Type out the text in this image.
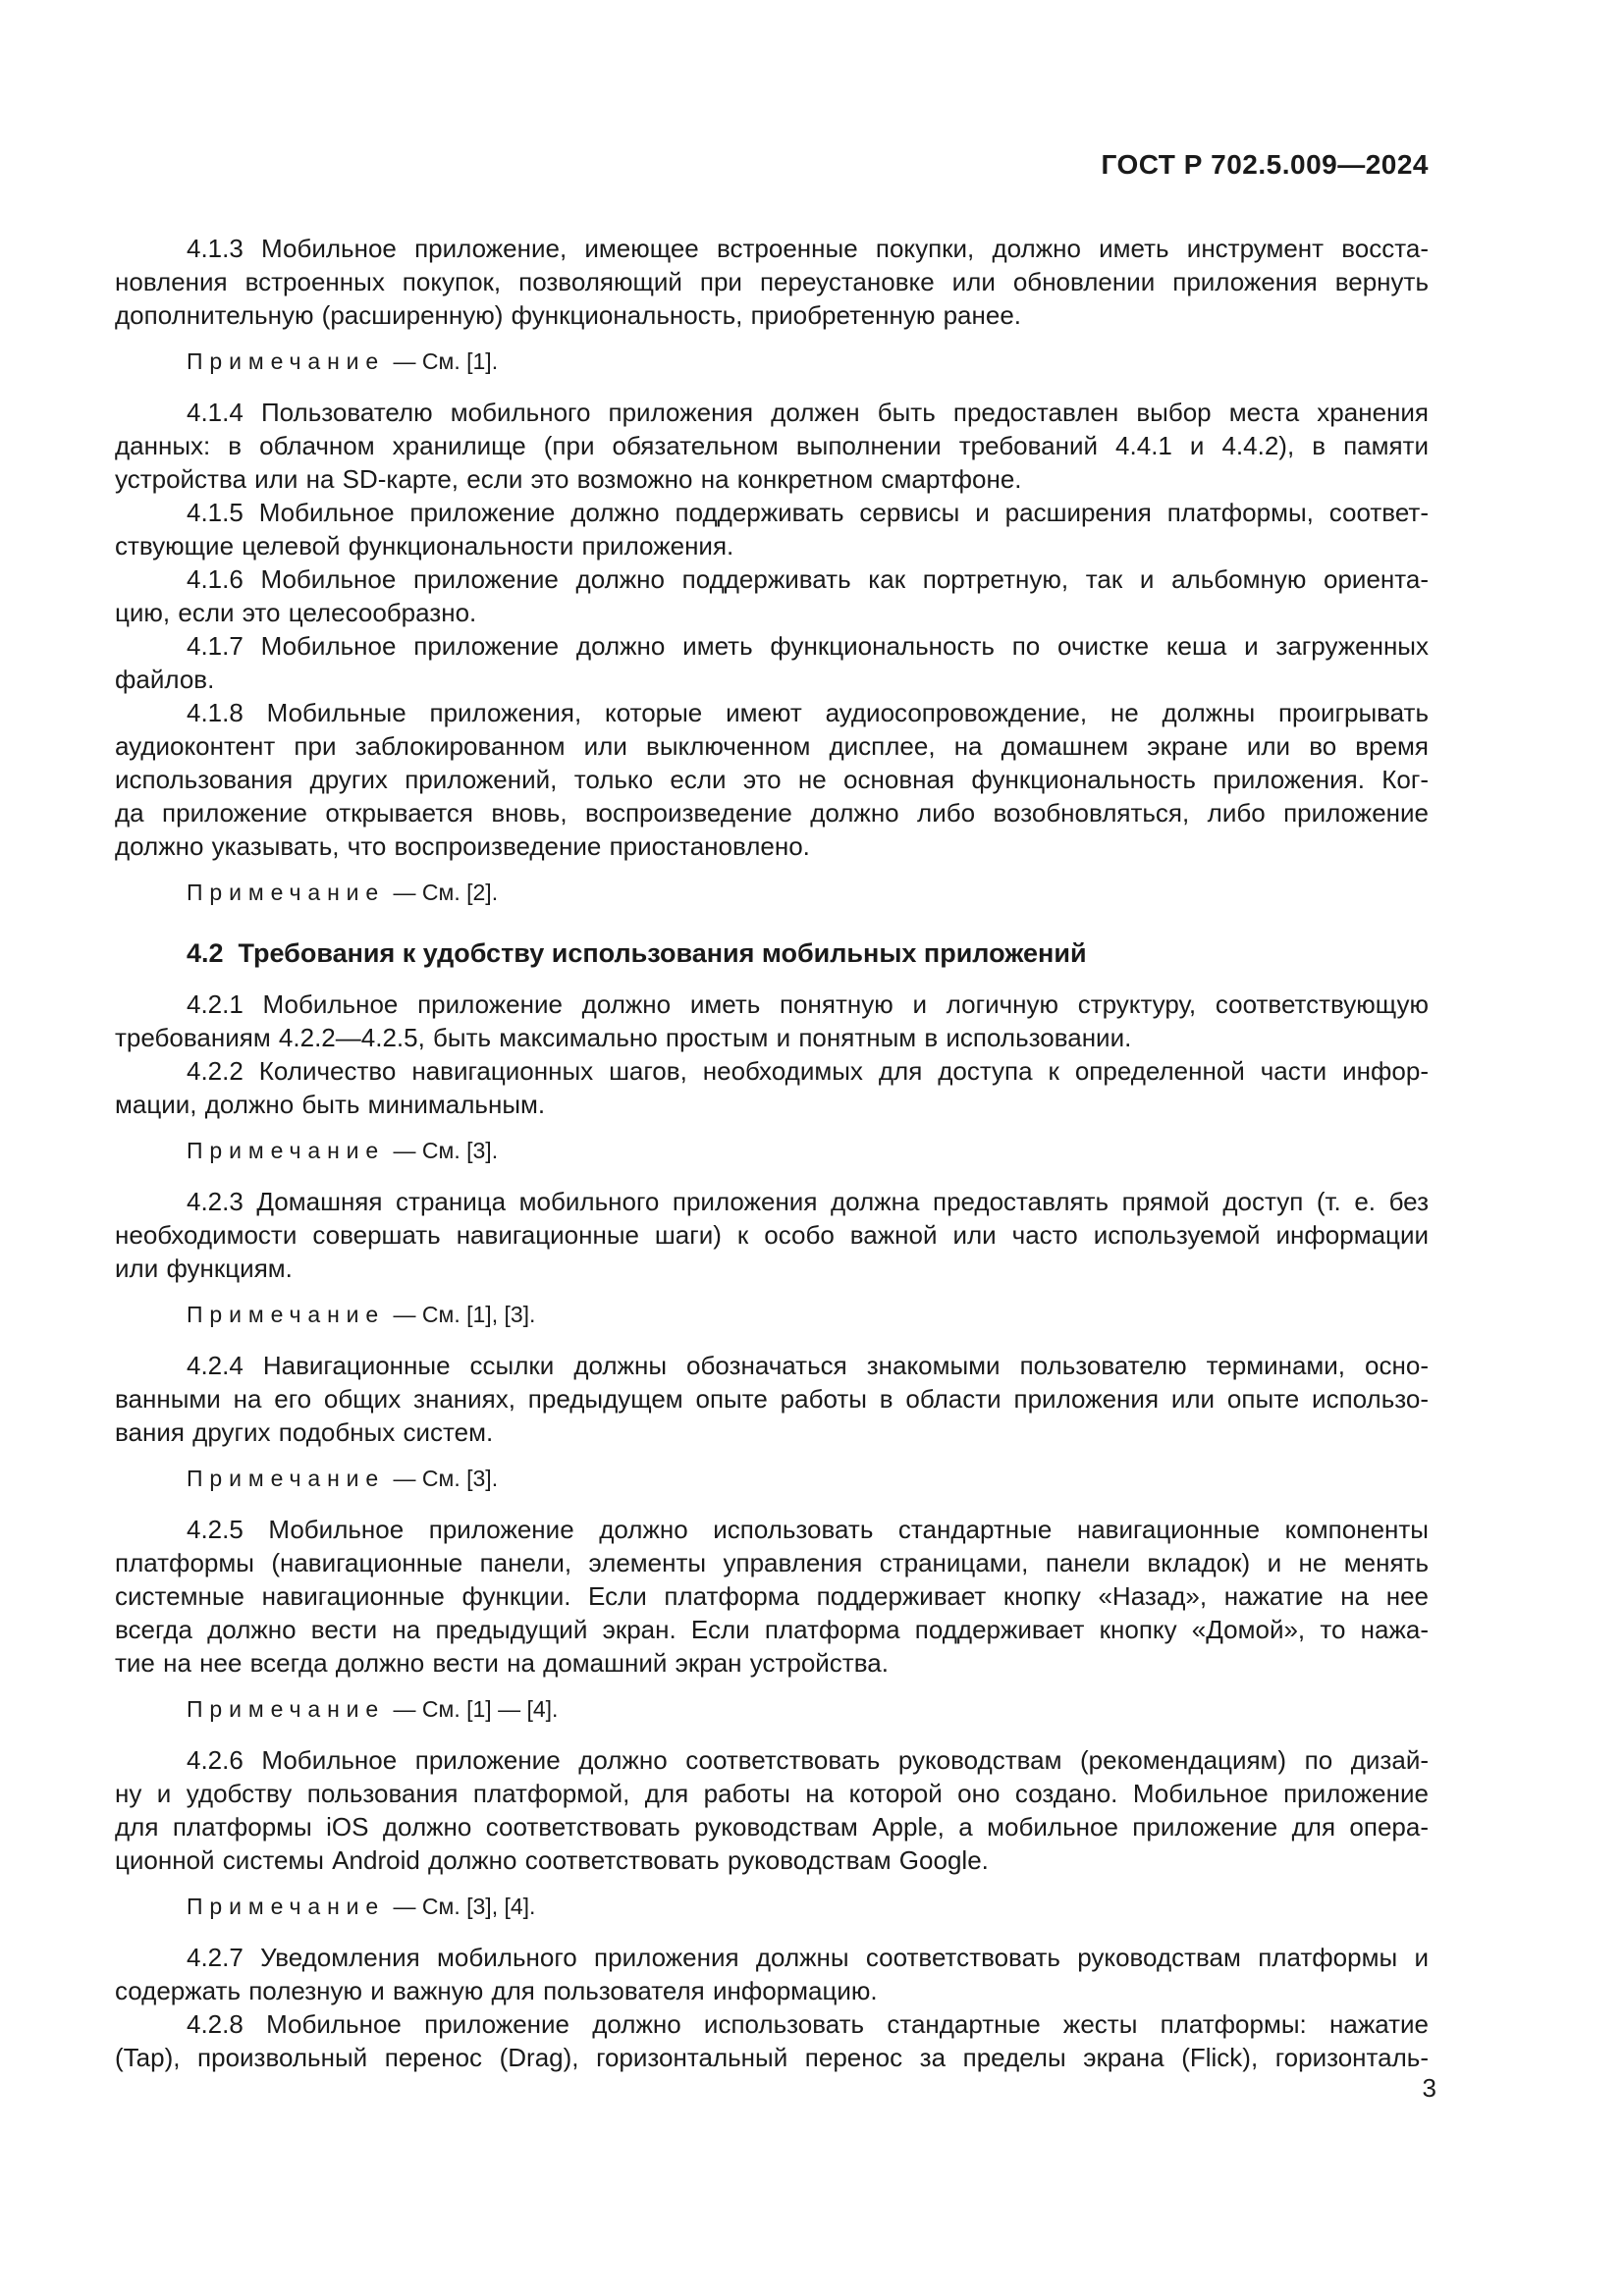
ГОСТ Р 702.5.009—2024

4.1.3 Мобильное приложение, имеющее встроенные покупки, должно иметь инструмент восста-
новления встроенных покупок, позволяющий при переустановке или обновлении приложения вернуть
дополнительную (расширенную) функциональность, приобретенную ранее.

Примечание — См. [1].

4.1.4 Пользователю мобильного приложения должен быть предоставлен выбор места хранения
данных: в облачном хранилище (при обязательном выполнении требований 4.4.1 и 4.4.2), в памяти
устройства или на SD-карте, если это возможно на конкретном смартфоне.

4.1.5 Мобильное приложение должно поддерживать сервисы и расширения платформы, соответ-
ствующие целевой функциональности приложения.

4.1.6 Мобильное приложение должно поддерживать как портретную, так и альбомную ориента-
цию, если это целесообразно.

4.1.7 Мобильное приложение должно иметь функциональность по очистке кеша и загруженных
файлов.

4.1.8 Мобильные приложения, которые имеют аудиосопровождение, не должны проигрывать
аудиоконтент при заблокированном или выключенном дисплее, на домашнем экране или во время
использования других приложений, только если это не основная функциональность приложения. Ког-
да приложение открывается вновь, воспроизведение должно либо возобновляться, либо приложение
должно указывать, что воспроизведение приостановлено.

Примечание — См. [2].

4.2  Требования к удобству использования мобильных приложений

4.2.1 Мобильное приложение должно иметь понятную и логичную структуру, соответствующую
требованиям 4.2.2—4.2.5, быть максимально простым и понятным в использовании.

4.2.2 Количество навигационных шагов, необходимых для доступа к определенной части инфор-
мации, должно быть минимальным.

Примечание — См. [3].

4.2.3 Домашняя страница мобильного приложения должна предоставлять прямой доступ (т. е. без
необходимости совершать навигационные шаги) к особо важной или часто используемой информации
или функциям.

Примечание — См. [1], [3].

4.2.4 Навигационные ссылки должны обозначаться знакомыми пользователю терминами, осно-
ванными на его общих знаниях, предыдущем опыте работы в области приложения или опыте использо-
вания других подобных систем.

Примечание — См. [3].

4.2.5 Мобильное приложение должно использовать стандартные навигационные компоненты
платформы (навигационные панели, элементы управления страницами, панели вкладок) и не менять
системные навигационные функции. Если платформа поддерживает кнопку «Назад», нажатие на нее
всегда должно вести на предыдущий экран. Если платформа поддерживает кнопку «Домой», то нажа-
тие на нее всегда должно вести на домашний экран устройства.

Примечание — См. [1] — [4].

4.2.6 Мобильное приложение должно соответствовать руководствам (рекомендациям) по дизай-
ну и удобству пользования платформой, для работы на которой оно создано. Мобильное приложение
для платформы iOS должно соответствовать руководствам Apple, а мобильное приложение для опера-
ционной системы Android должно соответствовать руководствам Google.

Примечание — См. [3], [4].

4.2.7 Уведомления мобильного приложения должны соответствовать руководствам платформы и
содержать полезную и важную для пользователя информацию.

4.2.8 Мобильное приложение должно использовать стандартные жесты платформы: нажатие
(Tap), произвольный перенос (Drag), горизонтальный перенос за пределы экрана (Flick), горизонталь-

3
